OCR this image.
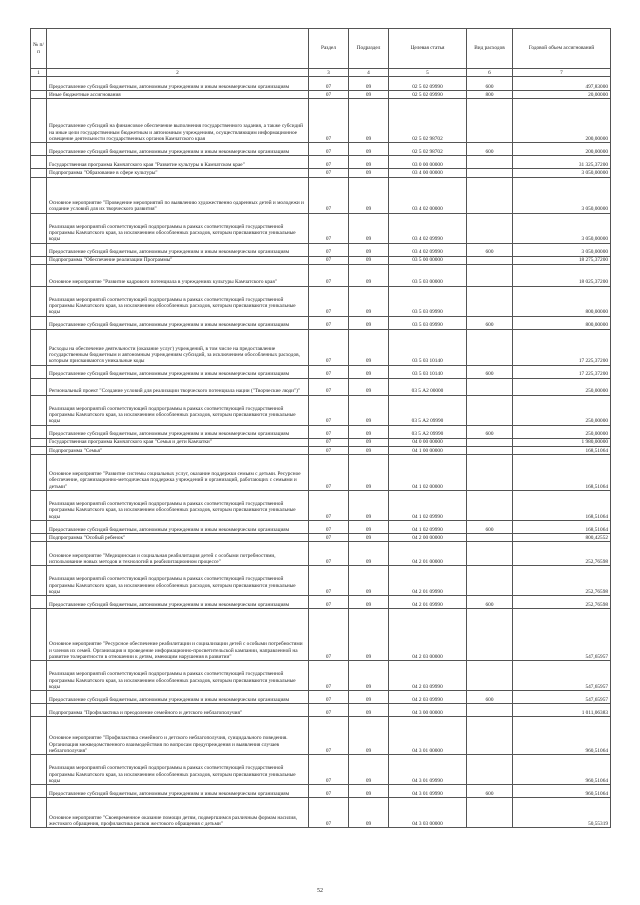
№ п/п		Раздел	Подраздел	Целевая статья	Вид расходов	Годовой объем ассигнований
1	2	3	4	5	6	7
	Предоставление субсидий бюджетным, автономным учреждениям и иным некоммерческим организациям	07	09	02 5 02 09990	600	497,83000
	Иные бюджетные ассигнования	07	09	02 5 02 09990	800	20,00000
	Предоставление субсидий на финансовое обеспечение выполнения государственного задания, а также субсидий на иные цели государственным бюджетным и автономным учреждениям, осуществляющим информационное освещение деятельности государственных органов Камчатского края	07	09	02 5 02 98702		200,00000
	Предоставление субсидий бюджетным, автономным учреждениям и иным некоммерческим организациям	07	09	02 5 02 98702	600	200,00000
	Государственная программа Камчатского края "Развитие культуры в Камчатском крае"	07	09	03 0 00 00000		31 325,37200
	Подпрограмма "Образование в сфере культуры"	07	09	03 4 00 00000		3 050,00000
	Основное мероприятие "Проведение мероприятий по выявлению художественно одаренных детей и молодежи и создание условий для их творческого развития"	07	09	03 4 02 00000		3 050,00000
	Реализация мероприятий соответствующей подпрограммы в рамках соответствующей государственной программы Камчатского края, за исключением обособленных расходов, которым присваиваются уникальные коды	07	09	03 4 02 09990		3 050,00000
	Предоставление субсидий бюджетным, автономным учреждениям и иным некоммерческим организациям	07	09	03 4 02 09990	600	3 050,00000
	Подпрограмма "Обеспечение реализации Программы"	07	09	03 5 00 00000		18 275,37200
	Основное мероприятие "Развитие кадрового потенциала в учреждениях культуры Камчатского края"	07	09	03 5 03 00000		18 025,37200
	Реализация мероприятий соответствующей подпрограммы в рамках соответствующей государственной программы Камчатского края, за исключением обособленных расходов, которым присваиваются уникальные коды	07	09	03 5 03 09990		800,00000
	Предоставление субсидий бюджетным, автономным учреждениям и иным некоммерческим организациям	07	09	03 5 03 09990	600	800,00000
	Расходы на обеспечение деятельности (оказание услуг) учреждений, в том числе на предоставление государственным бюджетным и автономным учреждениям субсидий, за исключением обособленных расходов, которым присваиваются уникальные коды	07	09	03 5 03 10140		17 225,37200
	Предоставление субсидий бюджетным, автономным учреждениям и иным некоммерческим организациям	07	09	03 5 03 10140	600	17 225,37200
	Региональный проект "Создание условий для реализации творческого потенциала нации ("Творческие люди")"	07	09	03 5 А2 00000		250,00000
	Реализация мероприятий соответствующей подпрограммы в рамках соответствующей государственной программы Камчатского края, за исключением обособленных расходов, которым присваиваются уникальные коды	07	09	03 5 А2 09990		250,00000
	Предоставление субсидий бюджетным, автономным учреждениям и иным некоммерческим организациям	07	09	03 5 А2 09990	600	250,00000
	Государственная программа Камчатского края "Семья и дети Камчатки"	07	09	04 0 00 00000		1 980,00000
	Подпрограмма "Семья"	07	09	04 1 00 00000		168,51064
	Основное мероприятие "Развитие системы социальных услуг, оказание поддержки семьям с детьми. Ресурсное обеспечение, организационно-методическая поддержка учреждений и организаций, работающих с семьями и детьми"	07	09	04 1 02 00000		168,51064
	Реализация мероприятий соответствующей подпрограммы в рамках соответствующей государственной программы Камчатского края, за исключением обособленных расходов, которым присваиваются уникальные коды	07	09	04 1 02 09990		168,51064
	Предоставление субсидий бюджетным, автономным учреждениям и иным некоммерческим организациям	07	09	04 1 02 09990	600	168,51064
	Подпрограмма "Особый ребенок"	07	09	04 2 00 00000		800,42552
	Основное мероприятие "Медицинская и социальная реабилитация детей с особыми потребностями, использование новых методов и технологий в реабилитационном процессе"	07	09	04 2 01 00000		252,76598
	Реализация мероприятий соответствующей подпрограммы в рамках соответствующей государственной программы Камчатского края, за исключением обособленных расходов, которым присваиваются уникальные коды	07	09	04 2 01 09990		252,76598
	Предоставление субсидий бюджетным, автономным учреждениям и иным некоммерческим организациям	07	09	04 2 01 09990	600	252,76598
	Основное мероприятие "Ресурсное обеспечение реабилитации и социализации детей с особыми потребностями и членов их семей. Организация и проведение информационно-просветительской кампании, направленной на развитие толерантности в отношении к детям, имеющим нарушения в развитии"	07	09	04 2 03 00000		547,65957
	Реализация мероприятий соответствующей подпрограммы в рамках соответствующей государственной программы Камчатского края, за исключением обособленных расходов, которым присваиваются уникальные коды	07	09	04 2 03 09990		547,65957
	Предоставление субсидий бюджетным, автономным учреждениям и иным некоммерческим организациям	07	09	04 2 03 09990	600	547,65957
	Подпрограмма "Профилактика и преодоление семейного и детского неблагополучия"	07	09	04 3 00 00000		1 011,06383
	Основное мероприятие "Профилактика семейного и детского неблагополучия, суицидального поведения. Организация межведомственного взаимодействия по вопросам предупреждения и выявления случаев неблагополучия"	07	09	04 3 01 00000		960,51064
	Реализация мероприятий соответствующей подпрограммы в рамках соответствующей государственной программы Камчатского края, за исключением обособленных расходов, которым присваиваются уникальные коды	07	09	04 3 01 09990		960,51064
	Предоставление субсидий бюджетным, автономным учреждениям и иным некоммерческим организациям	07	09	04 3 01 09990	600	960,51064
	Основное мероприятие "Своевременное оказание помощи детям, подвергшимся различным формам насилия, жестокого обращения, профилактика рисков жестокого обращения с детьми"	07	09	04 3 03 00000		50,55319
52
